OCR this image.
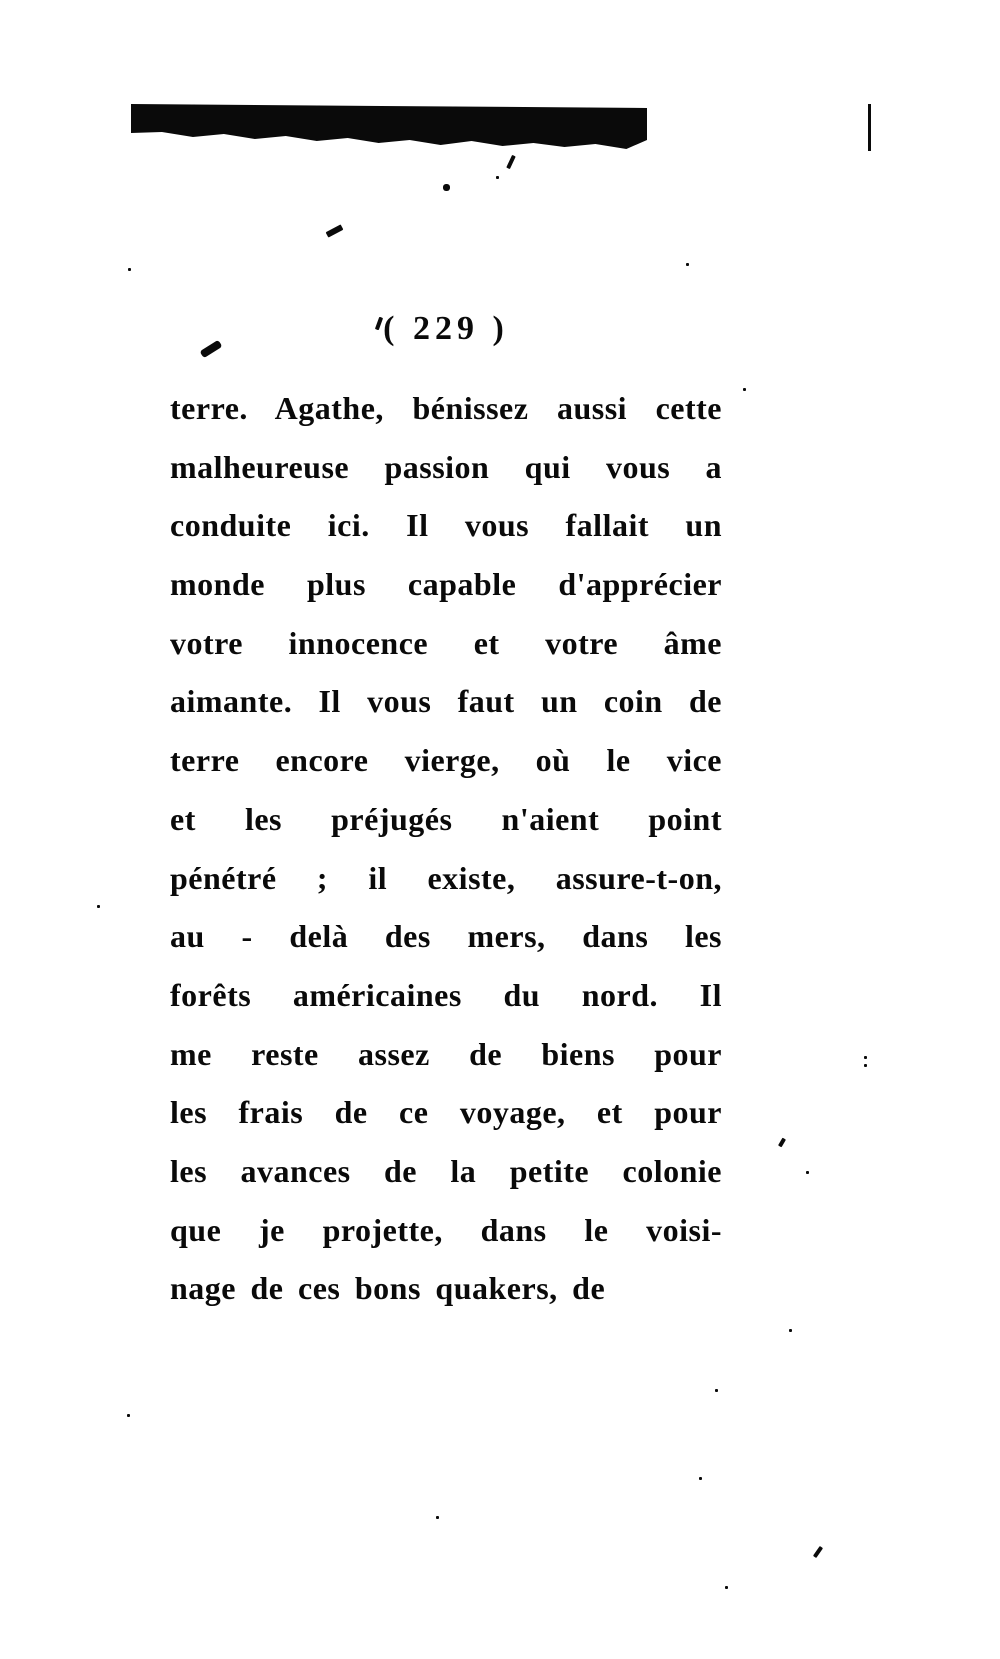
( 229 )
terre. Agathe, bénissez aussi cette
malheureuse passion qui vous a
conduite ici. Il vous fallait un
monde plus capable d'apprécier
votre innocence et votre âme
aimante. Il vous faut un coin de
terre encore vierge, où le vice
et les préjugés n'aient point
pénétré ; il existe, assure-t-on,
au - delà des mers, dans les
forêts américaines du nord. Il
me reste assez de biens pour
les frais de ce voyage, et pour
les avances de la petite colonie
que je projette, dans le voisi-
nage de ces bons quakers, de
